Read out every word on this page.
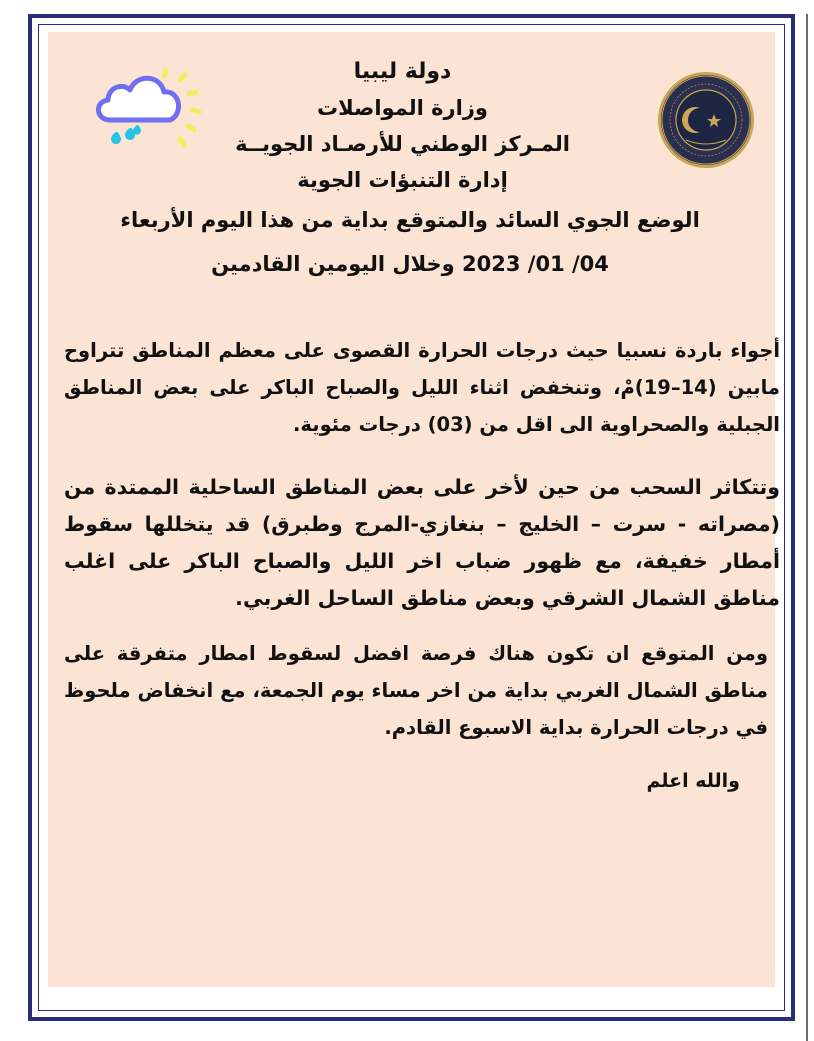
دولة ليبيا
وزارة المواصلات
المـركز الوطني للأرصـاد الجويــة
إدارة التنبؤات الجوية
الوضع الجوي السائد والمتوقع بداية من هذا اليوم الأربعاء
04/ 01/ 2023 وخلال اليومين القادمين

أجواء باردة نسبيا حيث درجات الحرارة القصوى على معظم المناطق تتراوح مابين (14–19)مْ، وتنخفض اثناء الليل والصباح الباكر على بعض المناطق الجبلية والصحراوية الى اقل من (03) درجات مئوية.

وتتكاثر السحب من حين لأخر على بعض المناطق الساحلية الممتدة من (مصراته - سرت – الخليج – بنغازي-المرج وطبرق) قد يتخللها سقوط أمطار خفيفة، مع ظهور ضباب اخر الليل والصباح الباكر على اغلب مناطق الشمال الشرقي وبعض مناطق الساحل الغربي.

ومن المتوقع ان تكون هناك فرصة افضل لسقوط امطار متفرقة على مناطق الشمال الغربي بداية من اخر مساء يوم الجمعة، مع انخفاض ملحوظ في درجات الحرارة بداية الاسبوع القادم.

والله اعلم
